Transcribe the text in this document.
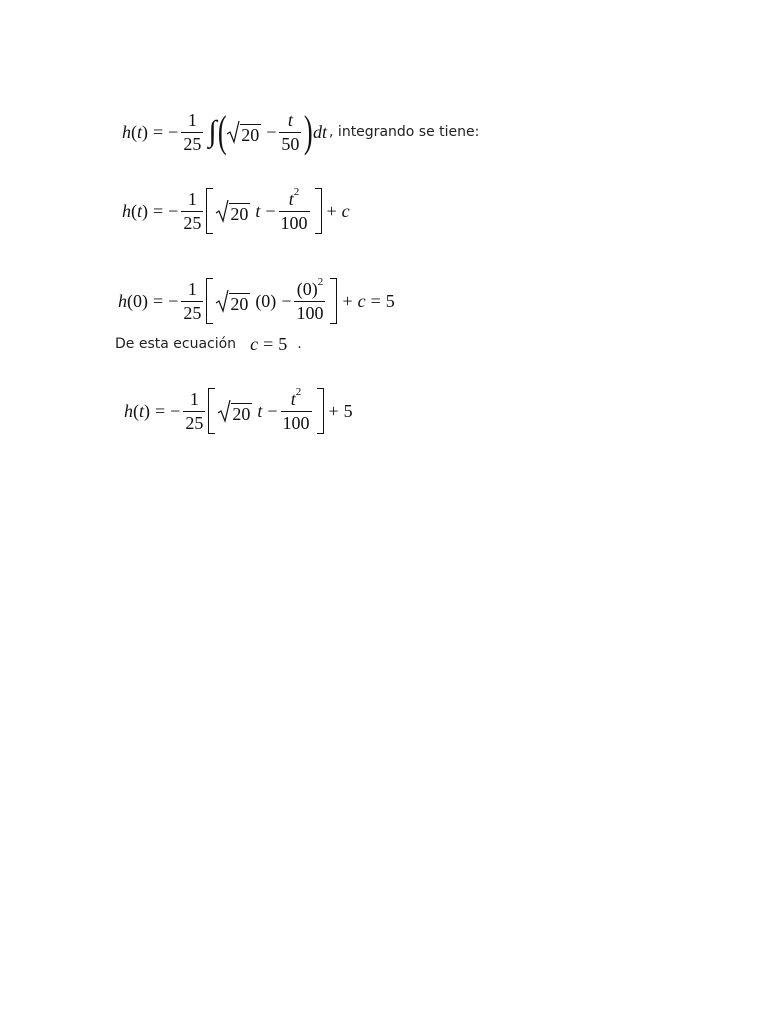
h ( t ) = − $\frac{1}{25}$ ∫ ( $20 - \frac{t}{50}$ ) dt , integrando se tiene:
h ( t ) = − $\frac{1}{25} 20$ $t - \frac{t^2}{100} + c$
h (0) = − $\frac{1}{25} 20$ $(0) - \frac{(0)^2}{100} + c = 5$
De esta ecuación c = 5 .
h ( t ) = − $\frac{1}{25} 20$ $t - \frac{t^2}{100} + 5$
